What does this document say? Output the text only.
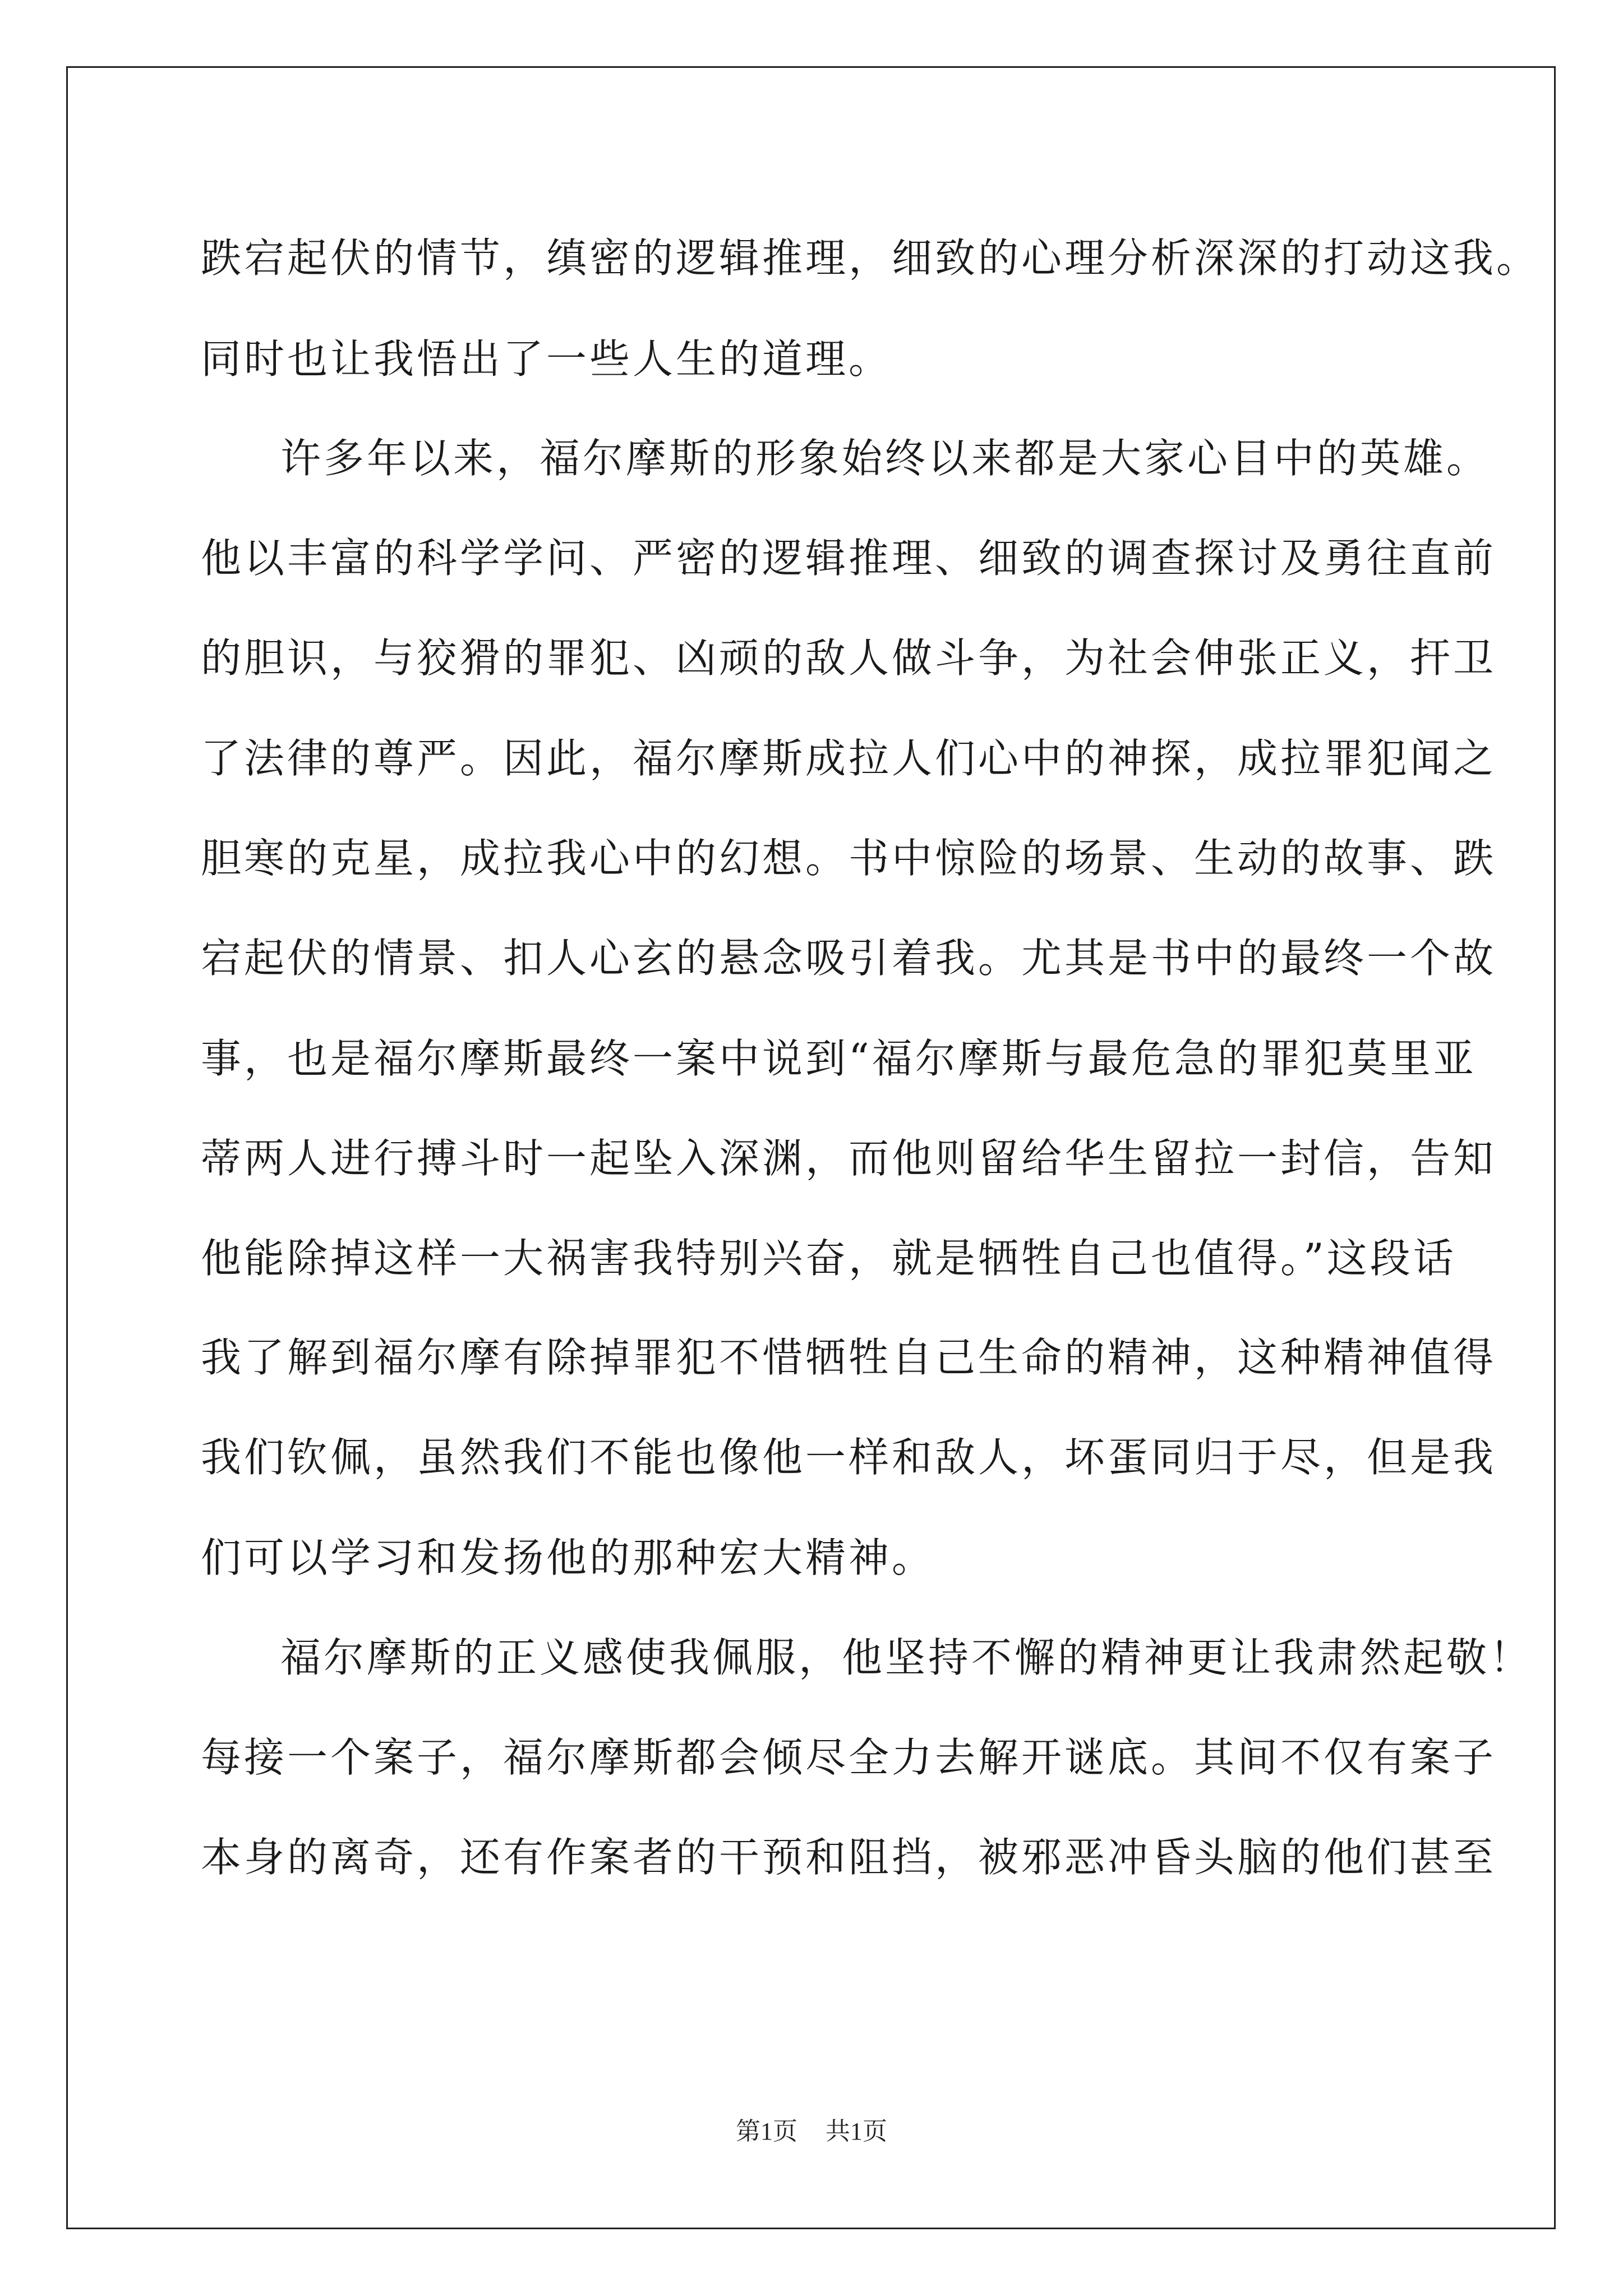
跌宕起伏的情节，缜密的逻辑推理，细致的心理分析深深的打动这我。
同时也让我悟出了一些人生的道理。
许多年以来，福尔摩斯的形象始终以来都是大家心目中的英雄。
他以丰富的科学学问、严密的逻辑推理、细致的调查探讨及勇往直前
的胆识，与狡猾的罪犯、凶顽的敌人做斗争，为社会伸张正义，扞卫
了法律的尊严。因此，福尔摩斯成拉人们心中的神探，成拉罪犯闻之
胆寒的克星，成拉我心中的幻想。书中惊险的场景、生动的故事、跌
宕起伏的情景、扣人心玄的悬念吸引着我。尤其是书中的最终一个故
事，也是福尔摩斯最终一案中说到“福尔摩斯与最危急的罪犯莫里亚
蒂两人进行搏斗时一起坠入深渊，而他则留给华生留拉一封信，告知
他能除掉这样一大祸害我特别兴奋，就是牺牲自己也值得。”这段话
我了解到福尔摩有除掉罪犯不惜牺牲自己生命的精神，这种精神值得
我们钦佩，虽然我们不能也像他一样和敌人，坏蛋同归于尽，但是我
们可以学习和发扬他的那种宏大精神。
福尔摩斯的正义感使我佩服，他坚持不懈的精神更让我肃然起敬！
每接一个案子，福尔摩斯都会倾尽全力去解开谜底。其间不仅有案子
本身的离奇，还有作案者的干预和阻挡，被邪恶冲昏头脑的他们甚至
第1页 共1页
